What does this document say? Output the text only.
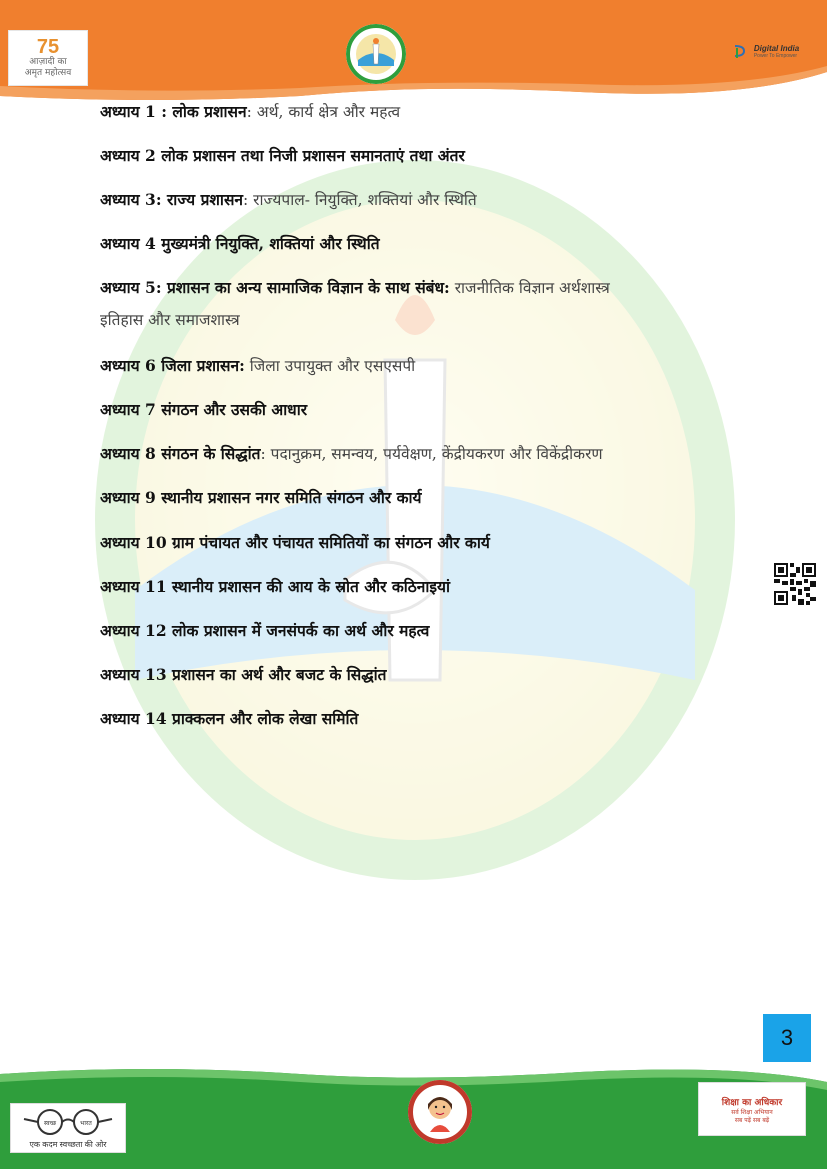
75
आज़ादी का
अमृत महोत्सव
Digital India
Power To Empower
अध्याय 1 : लोक प्रशासन: अर्थ, कार्य क्षेत्र और महत्व
अध्याय 2 लोक प्रशासन तथा निजी प्रशासन समानताएं तथा अंतर
अध्याय 3: राज्य प्रशासन: राज्यपाल- नियुक्ति, शक्तियां और स्थिति
अध्याय 4 मुख्यमंत्री नियुक्ति, शक्तियां और स्थिति
अध्याय 5: प्रशासन का अन्य सामाजिक विज्ञान के साथ संबंध: राजनीतिक विज्ञान अर्थशास्त्र
इतिहास और समाजशास्त्र
अध्याय 6 जिला प्रशासन: जिला उपायुक्त और एसएसपी
अध्याय 7 संगठन और उसकी आधार
अध्याय 8 संगठन के सिद्धांत: पदानुक्रम, समन्वय, पर्यवेक्षण, केंद्रीयकरण और विकेंद्रीकरण
अध्याय 9 स्थानीय प्रशासन नगर समिति संगठन और कार्य
अध्याय 10 ग्राम पंचायत और पंचायत समितियों का संगठन और कार्य
अध्याय 11 स्थानीय प्रशासन की आय के स्रोत और कठिनाइयां
अध्याय 12 लोक प्रशासन में जनसंपर्क का अर्थ और महत्व
अध्याय 13 प्रशासन का अर्थ और बजट के सिद्धांत
अध्याय 14 प्राक्कलन और लोक लेखा समिति
3
स्वच्छ	भारत
एक कदम स्वच्छता की ओर
शिक्षा का अधिकार
सर्व शिक्षा अभियान
सब पढ़ें सब बढ़ें
